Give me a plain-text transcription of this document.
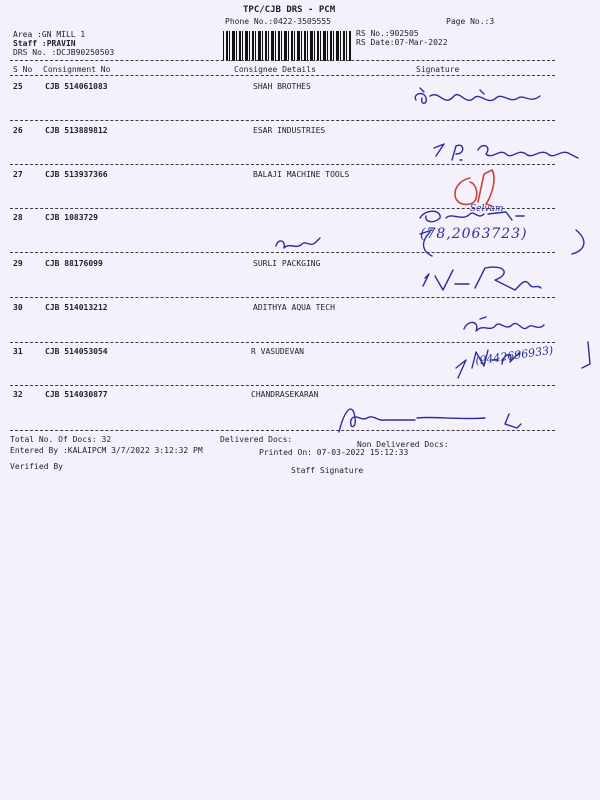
TPC/CJB DRS - PCM
Phone No.:0422-3505555	Page No.:3
Area :GN MILL 1
Staff :PRAVIN
DRS No. :DCJB90250503
RS No.:902505
RS Date:07-Mar-2022
S No Consignment No	Consignee Details	Signature
25	CJB 514061083	SHAH BROTHES
26	CJB 513889812	ESAR INDUSTRIES
27	CJB 513937366	BALAJI MACHINE TOOLS
28	CJB 1083729
29	CJB 88176099	SURLI PACKGING
30	CJB 514013212	ADITHYA AQUA TECH
31	CJB 514053054	R VASUDEVAN
32	CJB 514030877	CHANDRASEKARAN
(78,2063723)
Selvam
(9442696933)
Total No. Of Docs: 32	Delivered Docs:
Non Delivered Docs:
Entered By :KALAIPCM 3/7/2022 3:12:32 PM	Printed On: 07-03-2022 15:12:33
Verified By	Staff Signature
